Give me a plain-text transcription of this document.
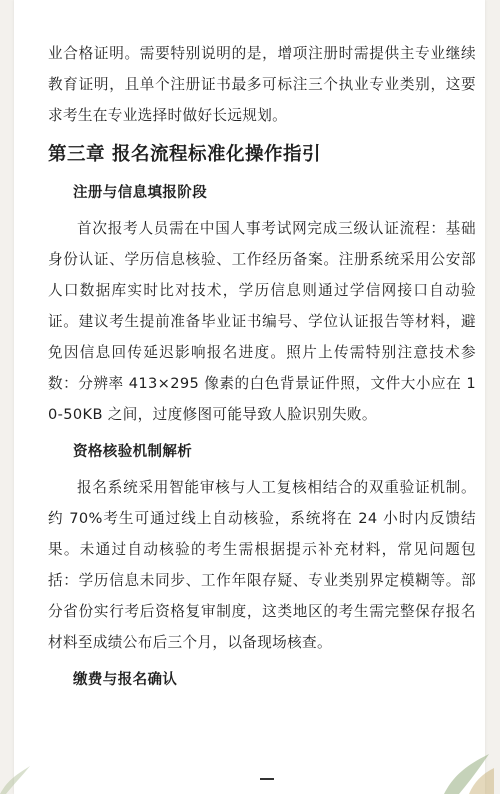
业合格证明。需要特别说明的是，增项注册时需提供主专业继续教育证明，且单个注册证书最多可标注三个执业专业类别，这要求考生在专业选择时做好长远规划。

第三章 报名流程标准化操作指引
注册与信息填报阶段

首次报考人员需在中国人事考试网完成三级认证流程：基础身份认证、学历信息核验、工作经历备案。注册系统采用公安部人口数据库实时比对技术，学历信息则通过学信网接口自动验证。建议考生提前准备毕业证书编号、学位认证报告等材料，避免因信息回传延迟影响报名进度。照片上传需特别注意技术参数：分辨率 413×295 像素的白色背景证件照，文件大小应在 10-50KB 之间，过度修图可能导致人脸识别失败。

资格核验机制解析

报名系统采用智能审核与人工复核相结合的双重验证机制。约 70%考生可通过线上自动核验，系统将在 24 小时内反馈结果。未通过自动核验的考生需根据提示补充材料，常见问题包括：学历信息未同步、工作年限存疑、专业类别界定模糊等。部分省份实行考后资格复审制度，这类地区的考生需完整保存报名材料至成绩公布后三个月，以备现场核查。

缴费与报名确认
